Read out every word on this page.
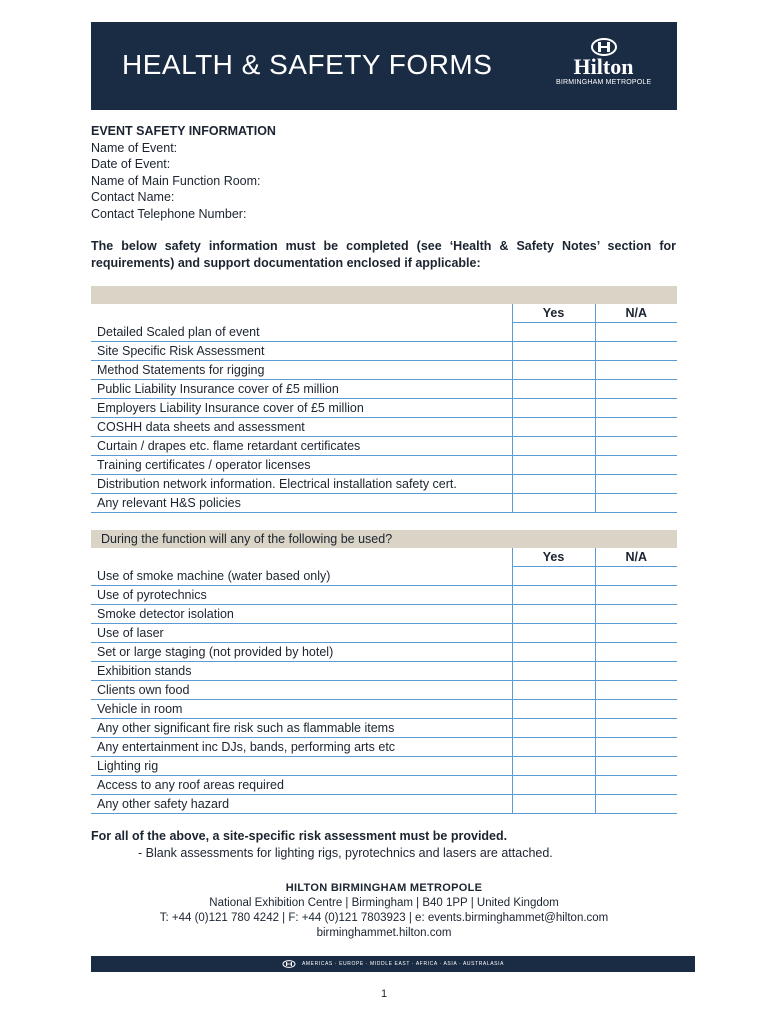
HEALTH & SAFETY FORMS	Hilton
BIRMINGHAM METROPOLE
EVENT SAFETY INFORMATION
Name of Event:
Date of Event:
Name of Main Function Room:
Contact Name:
Contact Telephone Number:
The below safety information must be completed (see ‘Health & Safety Notes’ section for requirements) and support documentation enclosed if applicable:

	Yes	N/A
Detailed Scaled plan of event		
Site Specific Risk Assessment		
Method Statements for rigging		
Public Liability Insurance cover of £5 million		
Employers Liability Insurance cover of £5 million		
COSHH data sheets and assessment		
Curtain / drapes etc. flame retardant certificates		
Training certificates / operator licenses		
Distribution network information. Electrical installation safety cert.		
Any relevant H&S policies		
During the function will any of the following be used?		
	Yes	N/A
Use of smoke machine (water based only)		
Use of pyrotechnics		
Smoke detector isolation		
Use of laser		
Set or large staging (not provided by hotel)		
Exhibition stands		
Clients own food		
Vehicle in room		
Any other significant fire risk such as flammable items		
Any entertainment inc DJs, bands, performing arts etc		
Lighting rig		
Access to any roof areas required		
Any other safety hazard		
For all of the above, a site-specific risk assessment must be provided.
- Blank assessments for lighting rigs, pyrotechnics and lasers are attached.
HILTON BIRMINGHAM METROPOLE
National Exhibition Centre | Birmingham | B40 1PP | United Kingdom
T: +44 (0)121 780 4242 | F: +44 (0)121 7803923 | e: events.birminghammet@hilton.com
birminghammet.hilton.com
AMERICAS · EUROPE · MIDDLE EAST · AFRICA · ASIA · AUSTRALASIA
1
